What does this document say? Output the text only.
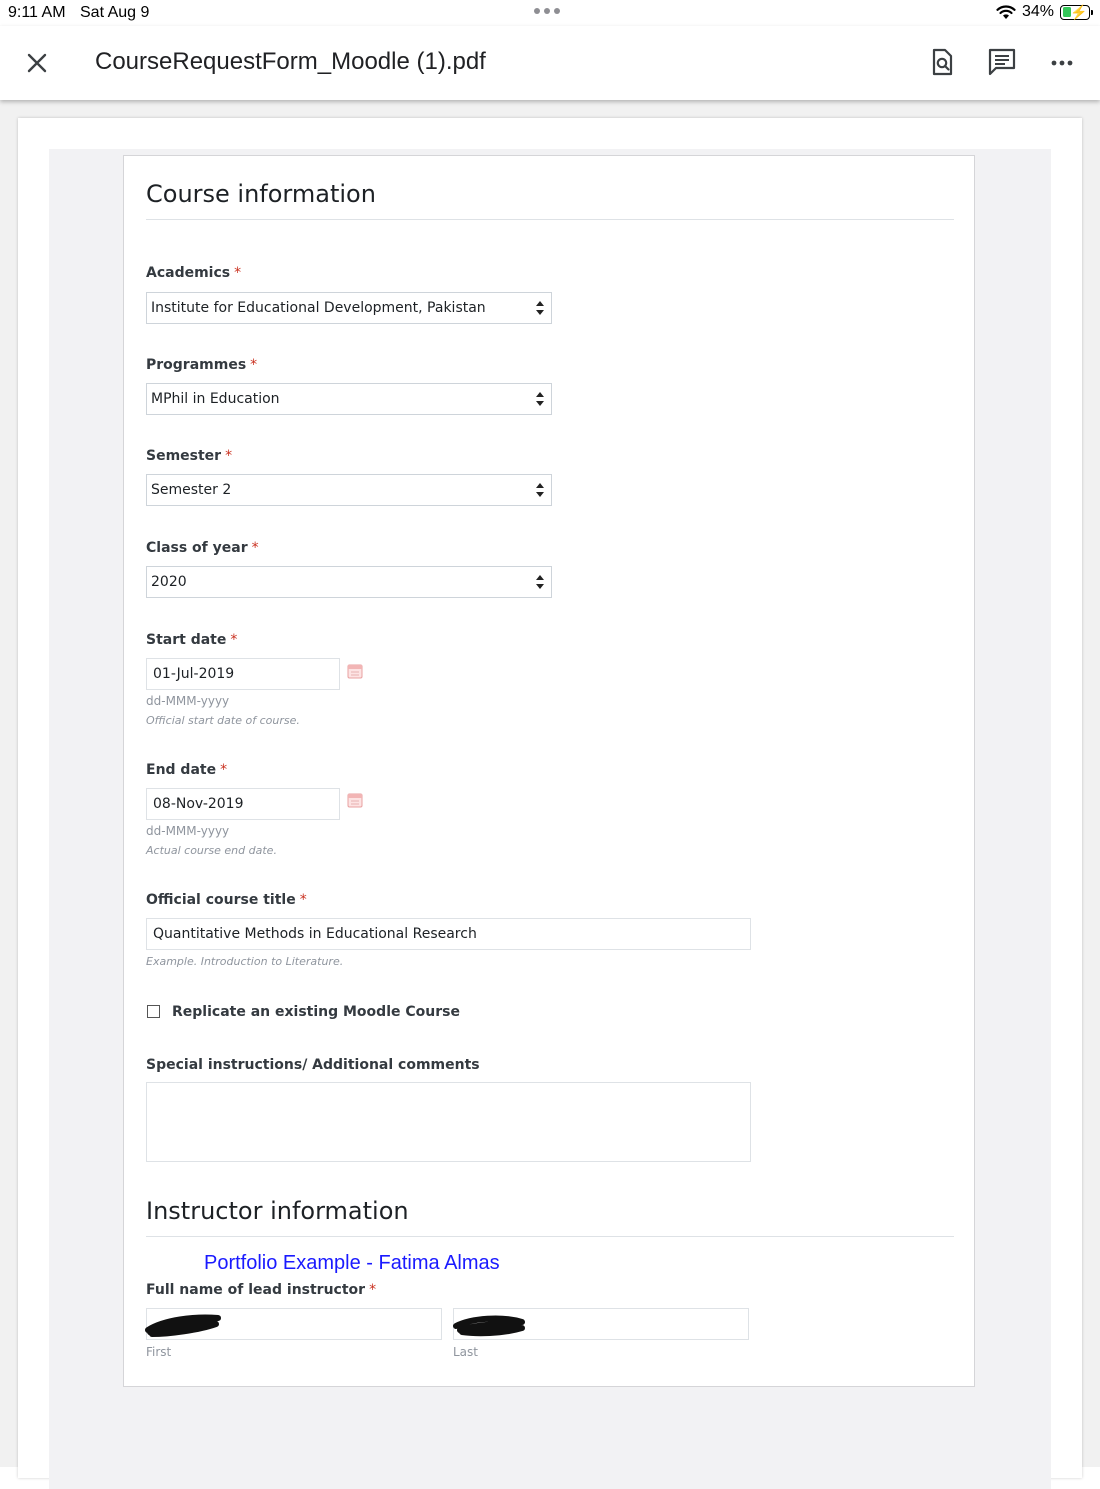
9:11 AM Sat Aug 9	34% ⚡
CourseRequestForm_Moodle (1).pdf
Course information
Academics *
Institute for Educational Development, Pakistan
Programmes *
MPhil in Education
Semester *
Semester 2
Class of year *
2020
Start date *
01-Jul-2019
dd-MMM-yyyy
Official start date of course.
End date *
08-Nov-2019
dd-MMM-yyyy
Actual course end date.
Official course title *
Quantitative Methods in Educational Research
Example. Introduction to Literature.
Replicate an existing Moodle Course
Special instructions/ Additional comments
Instructor information
Portfolio Example - Fatima Almas
Full name of lead instructor *
First	Last
